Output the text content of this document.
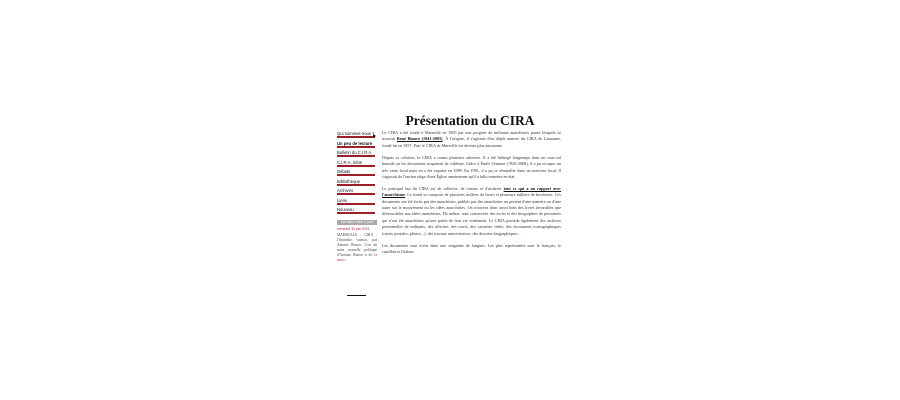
Présentation du CIRA
Qui sommes-nous ?
Un peu de lecture
Bulletin du C.I.R.A.
C.I.R.A. Infos
Débats
Bibliothèque
Archives
Liens
Nouveau
Dernière mise à jour
mercredi 30 juin 2021
MARSEILLE : CIRA : l'Anarchie vaincra, par Antonio Bianco. L'on dit notre nouvelle politique d'Antonio Bianco à les la suite »

Le CIRA a été fondé à Marseille en 1965 par une poignée de militants anarchistes parmi lesquels se trouvait René Bianco (1941-2005). À l'origine, il s'agissait d'un dépôt annexe du CIRA de Lausanne, fondé lui en 1957. Puis le CIRA de Marseille est devenu plus autonome.

Depuis sa création, le CIRA a connu plusieurs adresses. Il a été hébergé longtemps dans un sous-sol humide où les documents risquaient de s'abîmer. Grâce à Émile Temime (1926-2008), il a pu occuper un très vaste local mais en a été expulsé en 1989. En 1991, il a pu se réinstaller dans un nouveau local. Il s'agissait de l'ancien siège d'une Église arménienne qu'il a fallu remettre en état.

Le principal but du CIRA est de collecter, de classer et d'archiver tout ce qui a un rapport avec l'anarchisme. Le fonds se compose de plusieurs milliers de livres et plusieurs milliers de brochures. Ces documents ont été écrits par des anarchistes, publiés par des anarchistes ou portent d'une manière ou d'une autre sur le mouvement ou les idées anarchistes. On trouvera donc aussi bien des livres favorables que défavorables aux idées anarchistes. De même, sont conservées des écrits et des biographies de personnes qui n'ont été anarchistes qu'une partie de leur vie seulement. Le CIRA possède également des archives personnelles de militants, des affiches, des tracts, des cassettes vidéo, des documents iconographiques (cartes postales, photos...), des travaux universitaires, des dossiers biographiques...

Les documents sont écrits dans une vingtaine de langues. Les plus représentées sont le français, le castillan et l'italien.
